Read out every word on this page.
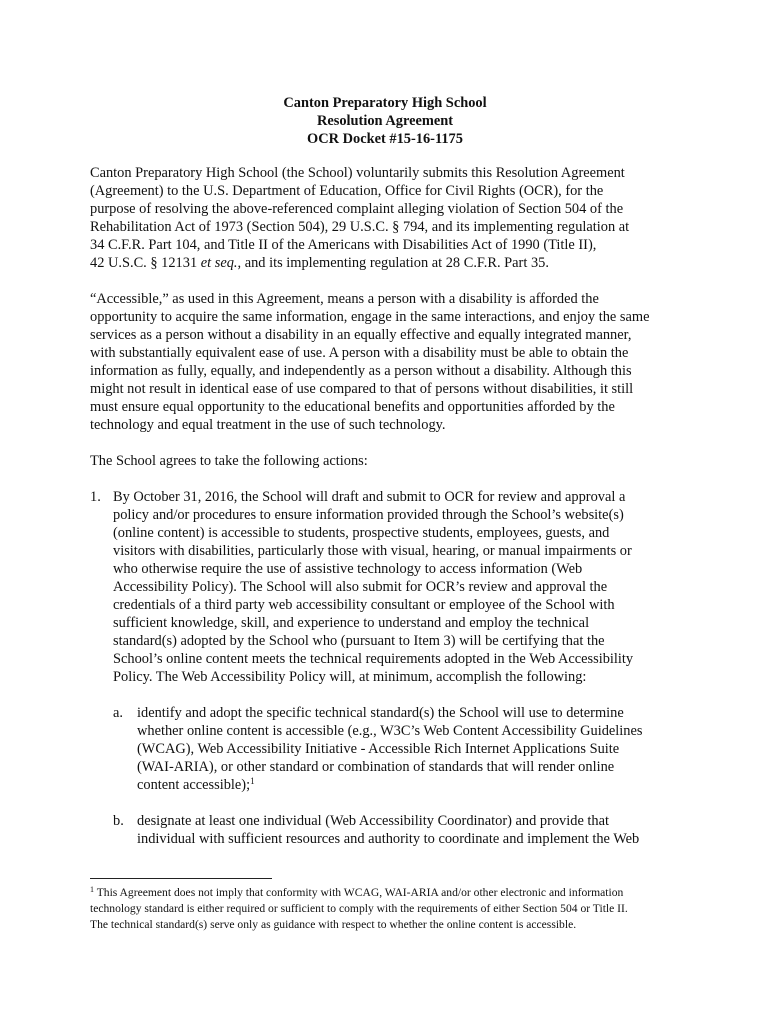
Canton Preparatory High School
Resolution Agreement
OCR Docket #15-16-1175
Canton Preparatory High School (the School) voluntarily submits this Resolution Agreement
(Agreement) to the U.S. Department of Education, Office for Civil Rights (OCR), for the
purpose of resolving the above-referenced complaint alleging violation of Section 504 of the
Rehabilitation Act of 1973 (Section 504), 29 U.S.C. § 794, and its implementing regulation at
34 C.F.R. Part 104, and Title II of the Americans with Disabilities Act of 1990 (Title II),
42 U.S.C. § 12131 et seq., and its implementing regulation at 28 C.F.R. Part 35.
“Accessible,” as used in this Agreement, means a person with a disability is afforded the
opportunity to acquire the same information, engage in the same interactions, and enjoy the same
services as a person without a disability in an equally effective and equally integrated manner,
with substantially equivalent ease of use. A person with a disability must be able to obtain the
information as fully, equally, and independently as a person without a disability. Although this
might not result in identical ease of use compared to that of persons without disabilities, it still
must ensure equal opportunity to the educational benefits and opportunities afforded by the
technology and equal treatment in the use of such technology.
The School agrees to take the following actions:
1. By October 31, 2016, the School will draft and submit to OCR for review and approval a
policy and/or procedures to ensure information provided through the School’s website(s)
(online content) is accessible to students, prospective students, employees, guests, and
visitors with disabilities, particularly those with visual, hearing, or manual impairments or
who otherwise require the use of assistive technology to access information (Web
Accessibility Policy). The School will also submit for OCR’s review and approval the
credentials of a third party web accessibility consultant or employee of the School with
sufficient knowledge, skill, and experience to understand and employ the technical
standard(s) adopted by the School who (pursuant to Item 3) will be certifying that the
School’s online content meets the technical requirements adopted in the Web Accessibility
Policy. The Web Accessibility Policy will, at minimum, accomplish the following:
a. identify and adopt the specific technical standard(s) the School will use to determine
whether online content is accessible (e.g., W3C’s Web Content Accessibility Guidelines
(WCAG), Web Accessibility Initiative - Accessible Rich Internet Applications Suite
(WAI-ARIA), or other standard or combination of standards that will render online
content accessible);$^1$
b. designate at least one individual (Web Accessibility Coordinator) and provide that
individual with sufficient resources and authority to coordinate and implement the Web
$^1$ This Agreement does not imply that conformity with WCAG, WAI-ARIA and/or other electronic and information
technology standard is either required or sufficient to comply with the requirements of either Section 504 or Title II.
The technical standard(s) serve only as guidance with respect to whether the online content is accessible.
